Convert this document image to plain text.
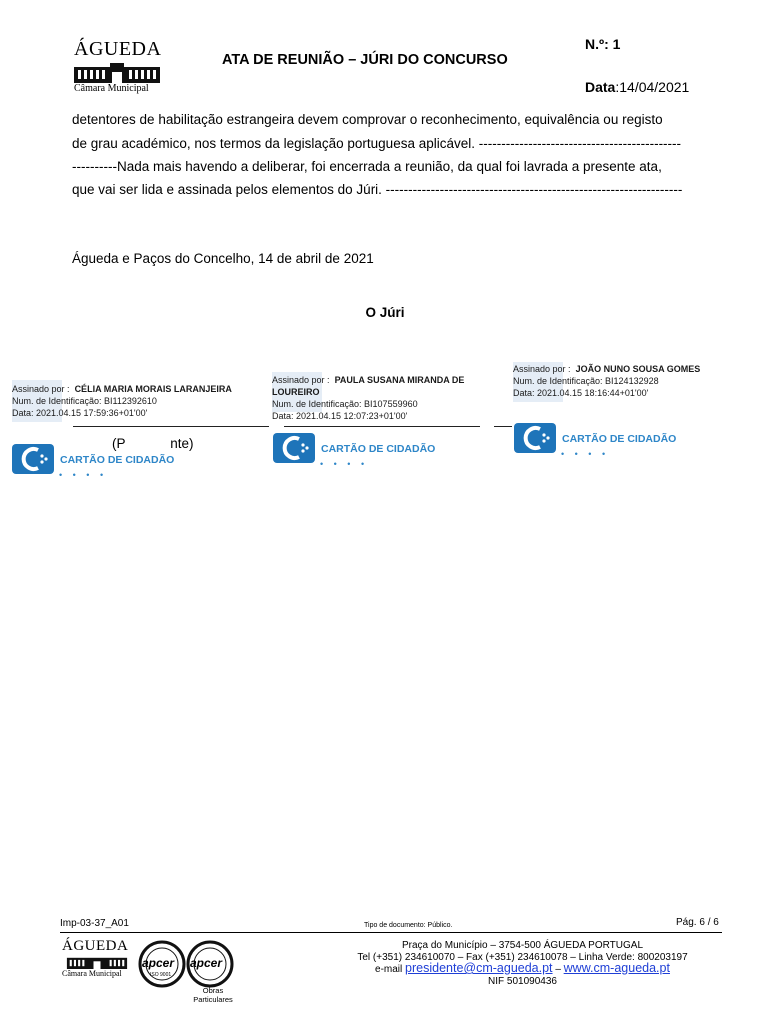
ÁGUEDA
Câmara Municipal
ATA DE REUNIÃO – JÚRI DO CONCURSO
N.º: 1
Data:14/04/2021
detentores de habilitação estrangeira devem comprovar o reconhecimento, equivalência ou registo
de grau académico, nos termos da legislação portuguesa aplicável. ---------------------------------------------
----------Nada mais havendo a deliberar, foi encerrada a reunião, da qual foi lavrada a presente ata,
que vai ser lida e assinada pelos elementos do Júri. ------------------------------------------------------------------
Águeda e Paços do Concelho, 14 de abril de 2021
O Júri
Assinado por : CÉLIA MARIA MORAIS LARANJEIRA
Num. de Identificação: BI112392610
Data: 2021.04.15 17:59:36+01'00'
(P            nte)
CARTÃO DE CIDADÃO
• • • •
Assinado por : PAULA SUSANA MIRANDA DE
LOUREIRO
Num. de Identificação: BI107559960
Data: 2021.04.15 12:07:23+01'00'
CARTÃO DE CIDADÃO
• • • •
Assinado por : JOÃO NUNO SOUSA GOMES
Num. de Identificação: BI124132928
Data: 2021.04.15 18:16:44+01'00'
CARTÃO DE CIDADÃO
• • • •
Imp-03-37_A01	Tipo de documento: Público.	Pág. 6 / 6
ÁGUEDA
Câmara Municipal
apcer
ISO 9001
apcer
Obras
Particulares
Praça do Município – 3754-500 ÁGUEDA PORTUGAL
Tel (+351) 234610070 – Fax (+351) 234610078 – Linha Verde: 800203197
e-mail presidente@cm-agueda.pt – www.cm-agueda.pt
NIF 501090436
